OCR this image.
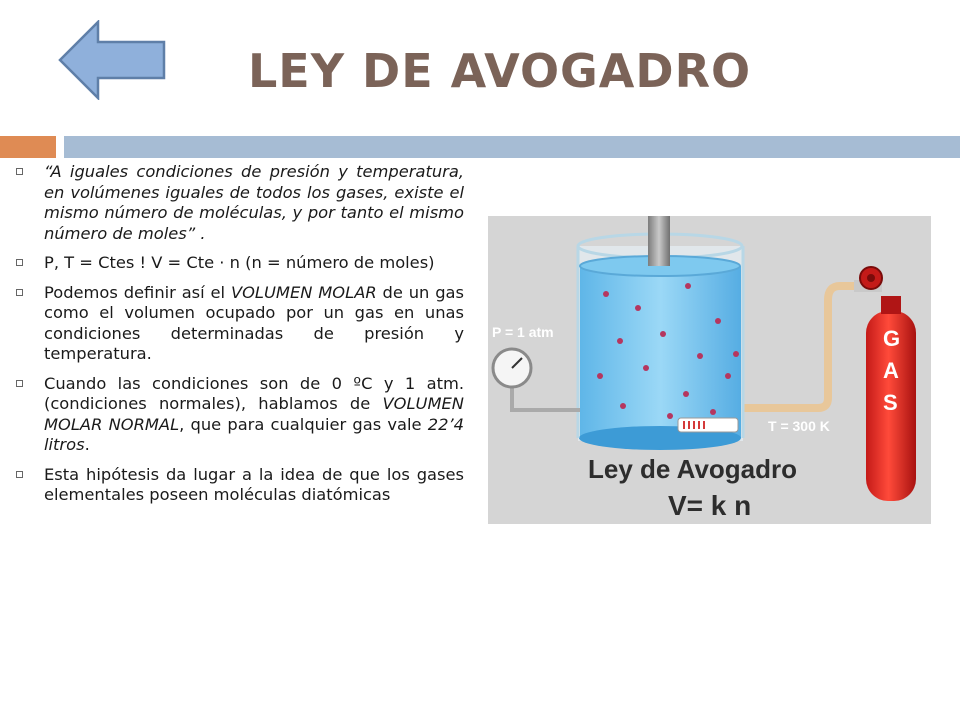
LEY DE AVOGADRO
“A iguales condiciones de presión y temperatura, en volúmenes iguales de todos los gases, existe el mismo número de moléculas, y por tanto el mismo número de moles” .
P, T = Ctes ! V = Cte · n (n = número de moles)
Podemos definir así el VOLUMEN MOLAR de un gas como el volumen ocupado por un gas en unas condiciones determinadas de presión y temperatura.
Cuando las condiciones son de 0 ºC y 1 atm. (condiciones normales), hablamos de VOLUMEN MOLAR NORMAL, que para cualquier gas vale 22’4 litros.
Esta hipótesis da lugar a la idea de que los gases elementales poseen moléculas diatómicas
P = 1 atm
T = 300 K
G
A
S
Ley de Avogadro
V= k n
